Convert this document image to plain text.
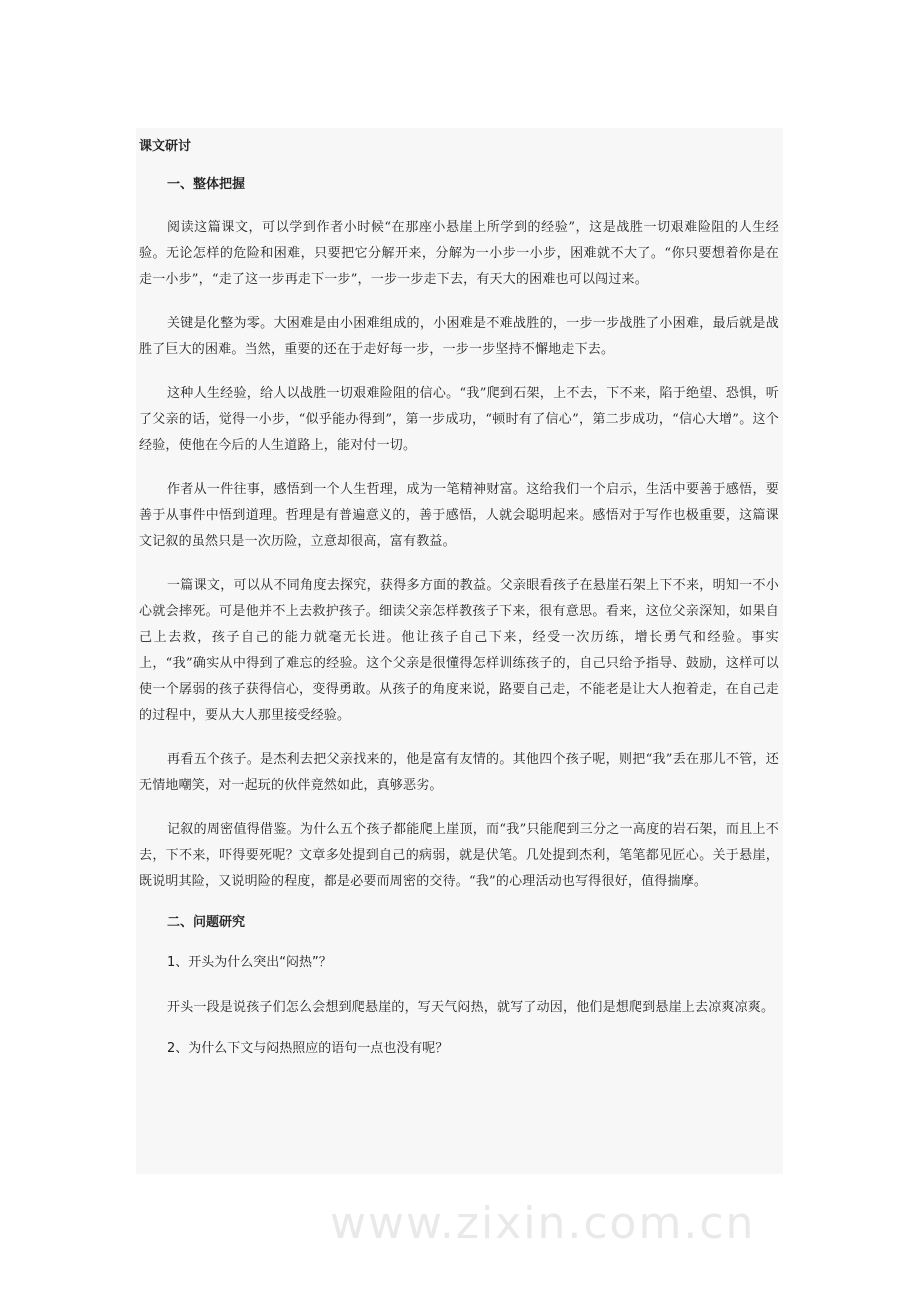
课文研讨
一、整体把握

阅读这篇课文，可以学到作者小时候“在那座小悬崖上所学到的经验”，这是战胜一切艰难险阻的人生经验。无论怎样的危险和困难，只要把它分解开来，分解为一小步一小步，困难就不大了。“你只要想着你是在走一小步”，“走了这一步再走下一步”，一步一步走下去，有天大的困难也可以闯过来。

关键是化整为零。大困难是由小困难组成的，小困难是不难战胜的，一步一步战胜了小困难，最后就是战胜了巨大的困难。当然，重要的还在于走好每一步，一步一步坚持不懈地走下去。

这种人生经验，给人以战胜一切艰难险阻的信心。“我”爬到石架，上不去，下不来，陷于绝望、恐惧，听了父亲的话，觉得一小步，“似乎能办得到”，第一步成功，“顿时有了信心”，第二步成功，“信心大增”。这个经验，使他在今后的人生道路上，能对付一切。

作者从一件往事，感悟到一个人生哲理，成为一笔精神财富。这给我们一个启示，生活中要善于感悟，要善于从事件中悟到道理。哲理是有普遍意义的，善于感悟，人就会聪明起来。感悟对于写作也极重要，这篇课文记叙的虽然只是一次历险，立意却很高，富有教益。

一篇课文，可以从不同角度去探究，获得多方面的教益。父亲眼看孩子在悬崖石架上下不来，明知一不小心就会摔死。可是他并不上去救护孩子。细读父亲怎样教孩子下来，很有意思。看来，这位父亲深知，如果自己上去救，孩子自己的能力就毫无长进。他让孩子自己下来，经受一次历练，增长勇气和经验。事实上，“我”确实从中得到了难忘的经验。这个父亲是很懂得怎样训练孩子的，自己只给予指导、鼓励，这样可以使一个孱弱的孩子获得信心，变得勇敢。从孩子的角度来说，路要自己走，不能老是让大人抱着走，在自己走的过程中，要从大人那里接受经验。

再看五个孩子。是杰利去把父亲找来的，他是富有友情的。其他四个孩子呢，则把“我”丢在那儿不管，还无情地嘲笑，对一起玩的伙伴竟然如此，真够恶劣。

记叙的周密值得借鉴。为什么五个孩子都能爬上崖顶，而“我”只能爬到三分之一高度的岩石架，而且上不去，下不来，吓得要死呢？文章多处提到自己的病弱，就是伏笔。几处提到杰利，笔笔都见匠心。关于悬崖，既说明其险，又说明险的程度，都是必要而周密的交待。“我”的心理活动也写得很好，值得揣摩。

二、问题研究
1、开头为什么突出“闷热”？

开头一段是说孩子们怎么会想到爬悬崖的，写天气闷热，就写了动因，他们是想爬到悬崖上去凉爽凉爽。

2、为什么下文与闷热照应的语句一点也没有呢？
www.zixin.com.cn
